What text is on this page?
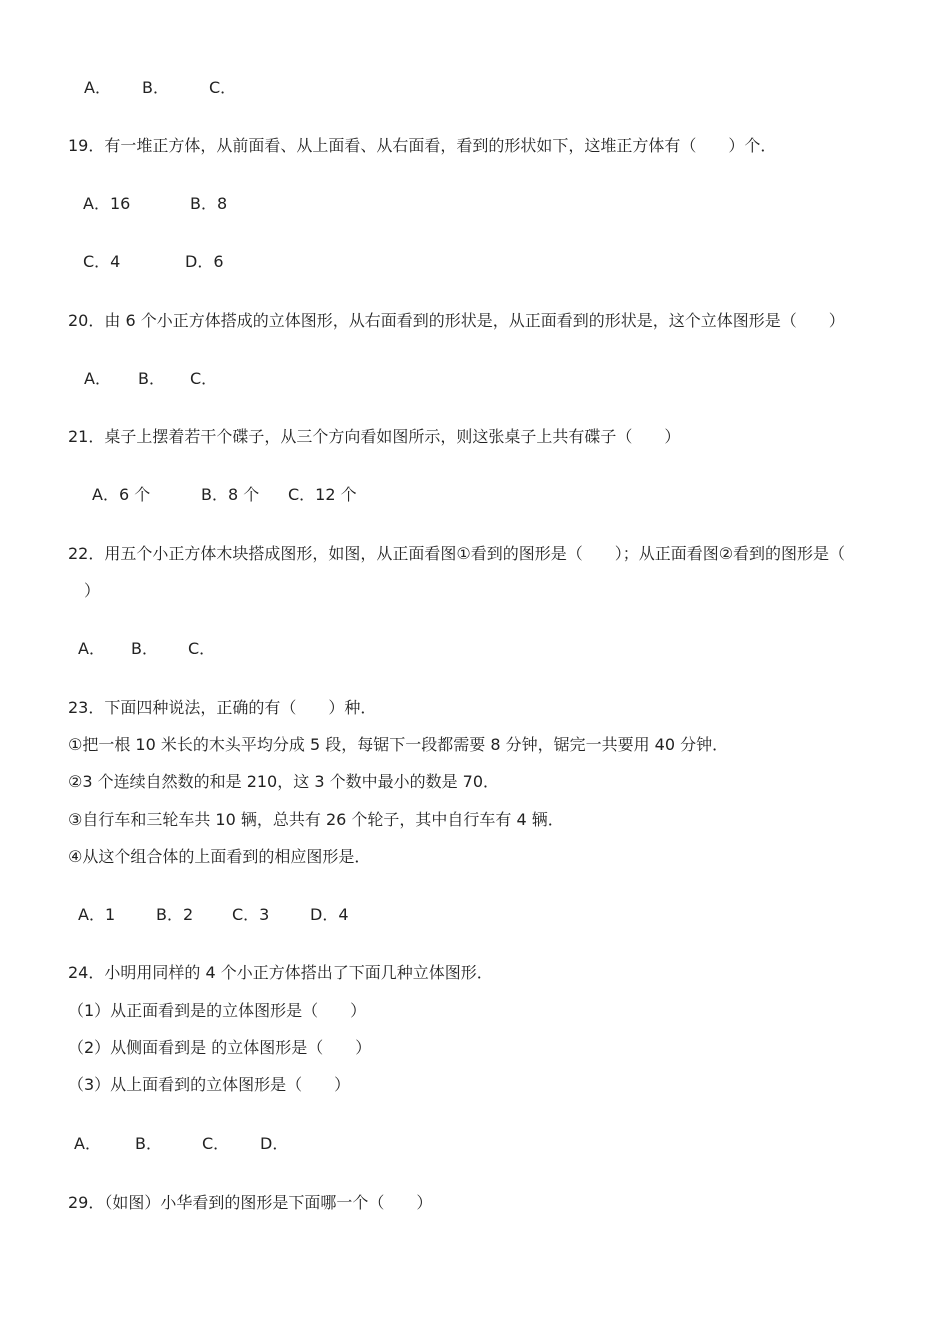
A． B．	C．
19．有一堆正方体，从前面看、从上面看、从右面看，看到的形状如下，这堆正方体有（　　）个．
A．16	B．8
C．4	D．6
20．由 6 个小正方体搭成的立体图形，从右面看到的形状是，从正面看到的形状是，这个立体图形是（　　）
A． B． C．
21．桌子上摆着若干个碟子，从三个方向看如图所示，则这张桌子上共有碟子（　　）
A．6 个	B．8 个 C．12 个
22．用五个小正方体木块搭成图形，如图，从正面看图①看到的图形是（　　）；从正面看图②看到的图形是（
　）
A． B． C．
23．下面四种说法，正确的有（　　）种．
①把一根 10 米长的木头平均分成 5 段，每锯下一段都需要 8 分钟，锯完一共要用 40 分钟．
②3 个连续自然数的和是 210，这 3 个数中最小的数是 70．
③自行车和三轮车共 10 辆，总共有 26 个轮子，其中自行车有 4 辆．
④从这个组合体的上面看到的相应图形是．
A．1	B．2 C．3	D．4
24．小明用同样的 4 个小正方体搭出了下面几种立体图形．
（1）从正面看到是的立体图形是（　　）
（2）从侧面看到是 的立体图形是（　　）
（3）从上面看到的立体图形是（　　）
A． B．	C． D．
29．（如图）小华看到的图形是下面哪一个（　　）
